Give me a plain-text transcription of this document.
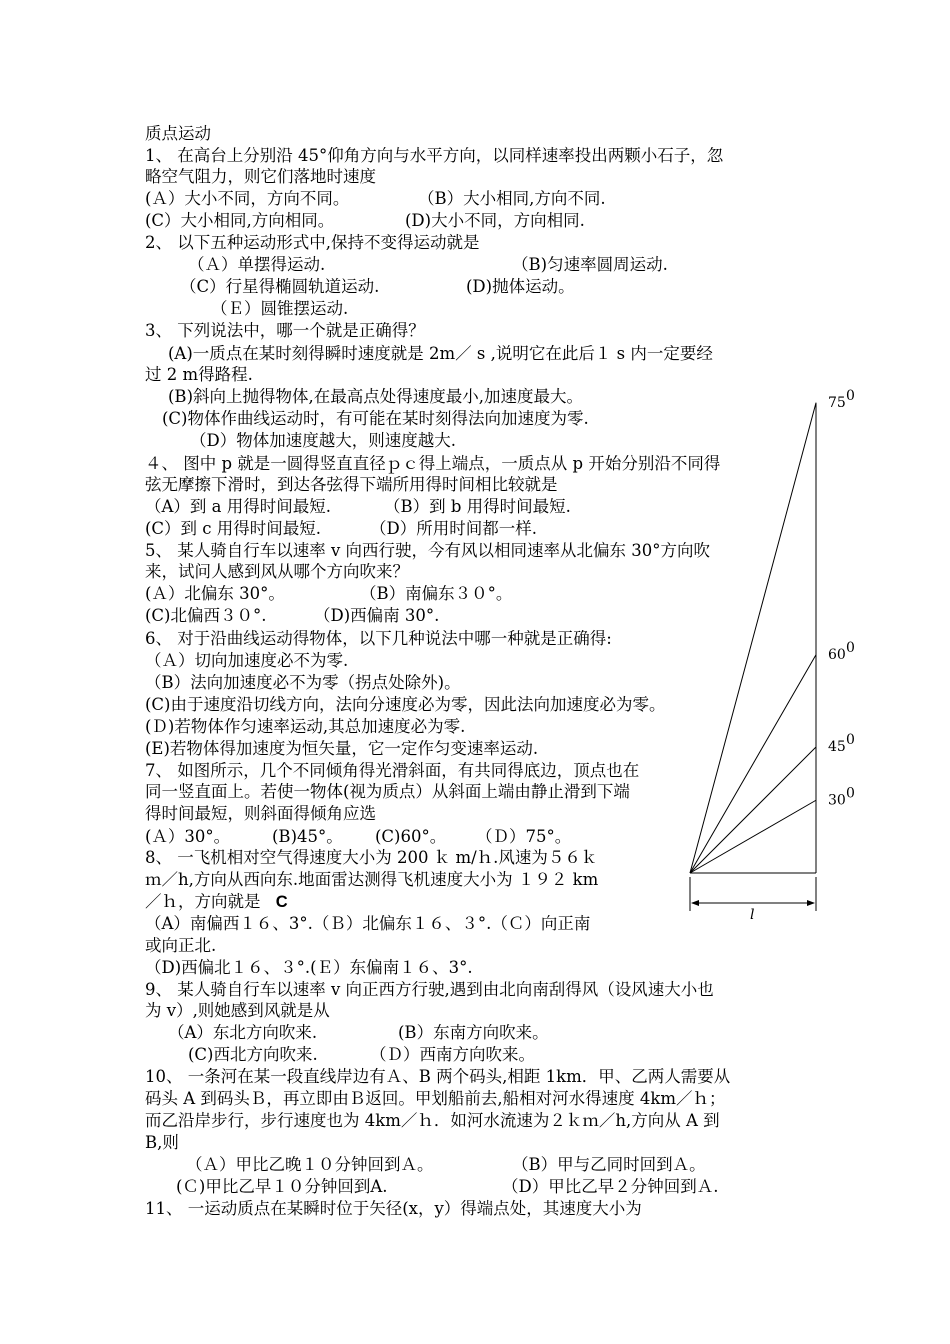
质点运动
1、 在高台上分别沿 45°仰角方向与水平方向，以同样速率投出两颗小石子，忽
略空气阻力，则它们落地时速度
(Ａ）大小不同，方向不同。	（B）大小相同,方向不同.
(C）大小相同,方向相同。	(D)大小不同，方向相同.
2、 以下五种运动形式中,保持不变得运动就是
（Ａ）单摆得运动.	（B)匀速率圆周运动.
（C）行星得椭圆轨道运动.	(D)抛体运动。
（Ｅ）圆锥摆运动.
3、 下列说法中，哪一个就是正确得？
(A)一质点在某时刻得瞬时速度就是 2m／ s ,说明它在此后１ s 内一定要经
过 2 m得路程.
(B)斜向上抛得物体,在最高点处得速度最小,加速度最大。
(C)物体作曲线运动时，有可能在某时刻得法向加速度为零.
（D）物体加速度越大，则速度越大.
４、 图中 p 就是一圆得竖直直径ｐｃ得上端点，一质点从 p 开始分别沿不同得
弦无摩擦下滑时，到达各弦得下端所用得时间相比较就是
（A）到 a 用得时间最短.	（B）到 b 用得时间最短.
(C）到 c 用得时间最短.	（D）所用时间都一样.
5、 某人骑自行车以速率 v 向西行驶，今有风以相同速率从北偏东 30°方向吹
来，试问人感到风从哪个方向吹来？
(Ａ）北偏东 30°。	（B）南偏东３０°。
(C)北偏西３０°.	（D)西偏南 30°.
6、 对于沿曲线运动得物体，以下几种说法中哪一种就是正确得:
（Ａ）切向加速度必不为零.
（B）法向加速度必不为零（拐点处除外)。
(C)由于速度沿切线方向，法向分速度必为零，因此法向加速度必为零。
(Ｄ)若物体作匀速率运动,其总加速度必为零.
(E)若物体得加速度为恒矢量，它一定作匀变速率运动.
7、 如图所示，几个不同倾角得光滑斜面，有共同得底边，顶点也在
同一竖直面上。若使一物体(视为质点）从斜面上端由静止滑到下端
得时间最短，则斜面得倾角应选
(Ａ）30°。	(B)45°。 (C)60°。 （Ｄ）75°。
8、 一飞机相对空气得速度大小为 200 ｋ m/ｈ.风速为５６ｋ
ｍ／h,方向从西向东.地面雷达测得飞机速度大小为 １９２ km
／ｈ，方向就是 C
（A）南偏西１６、3°.（Ｂ）北偏东１６、３°.（Ｃ）向正南
或向正北.
（D)西偏北１６、３°.(Ｅ）东偏南１６、3°.
9、 某人骑自行车以速率 v 向正西方行驶,遇到由北向南刮得风（设风速大小也
为 v）,则她感到风就是从
（A）东北方向吹来.	(B）东南方向吹来。
(C)西北方向吹来.	（Ｄ）西南方向吹来。
10、 一条河在某一段直线岸边有Ａ、B 两个码头,相距 1km．甲、乙两人需要从
码头 A 到码头Ｂ，再立即由Ｂ返回。甲划船前去,船相对河水得速度 4km／ｈ；
而乙沿岸步行，步行速度也为 4km／ｈ．如河水流速为２ｋｍ／h,方向从 A 到
B,则
（Ａ）甲比乙晚１０分钟回到Ａ。	（B）甲与乙同时回到Ａ。
(Ｃ)甲比乙早１０分钟回到A.	（D）甲比乙早２分钟回到Ａ.
11、 一运动质点在某瞬时位于矢径(x，y）得端点处，其速度大小为
75 0
60 0
45 0
30 0
l
